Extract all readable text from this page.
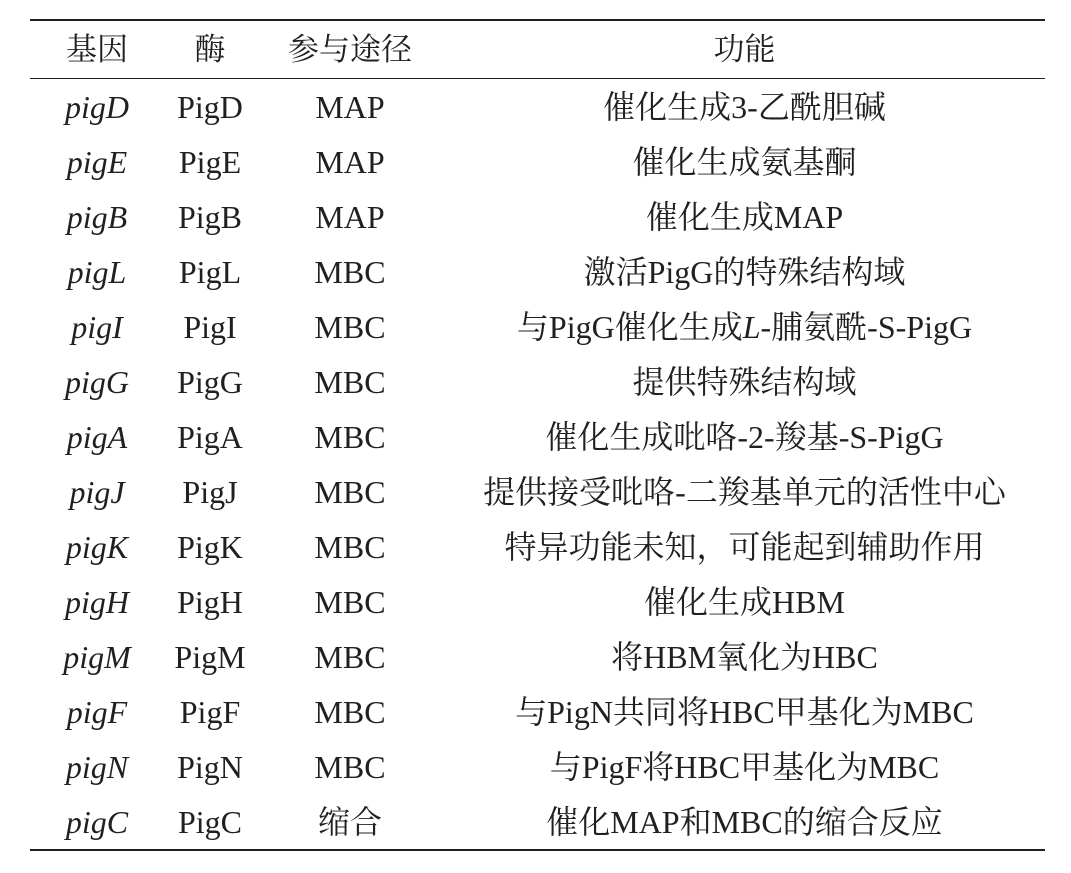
基因	酶	参与途径	功能
pigD	PigD	MAP	催化生成3-乙酰胆碱
pigE	PigE	MAP	催化生成氨基酮
pigB	PigB	MAP	催化生成MAP
pigL	PigL	MBC	激活PigG的特殊结构域
pigI	PigI	MBC	与PigG催化生成L-脯氨酰-S-PigG
pigG	PigG	MBC	提供特殊结构域
pigA	PigA	MBC	催化生成吡咯-2-羧基-S-PigG
pigJ	PigJ	MBC	提供接受吡咯-二羧基单元的活性中心
pigK	PigK	MBC	特异功能未知，可能起到辅助作用
pigH	PigH	MBC	催化生成HBM
pigM	PigM	MBC	将HBM氧化为HBC
pigF	PigF	MBC	与PigN共同将HBC甲基化为MBC
pigN	PigN	MBC	与PigF将HBC甲基化为MBC
pigC	PigC	缩合	催化MAP和MBC的缩合反应
